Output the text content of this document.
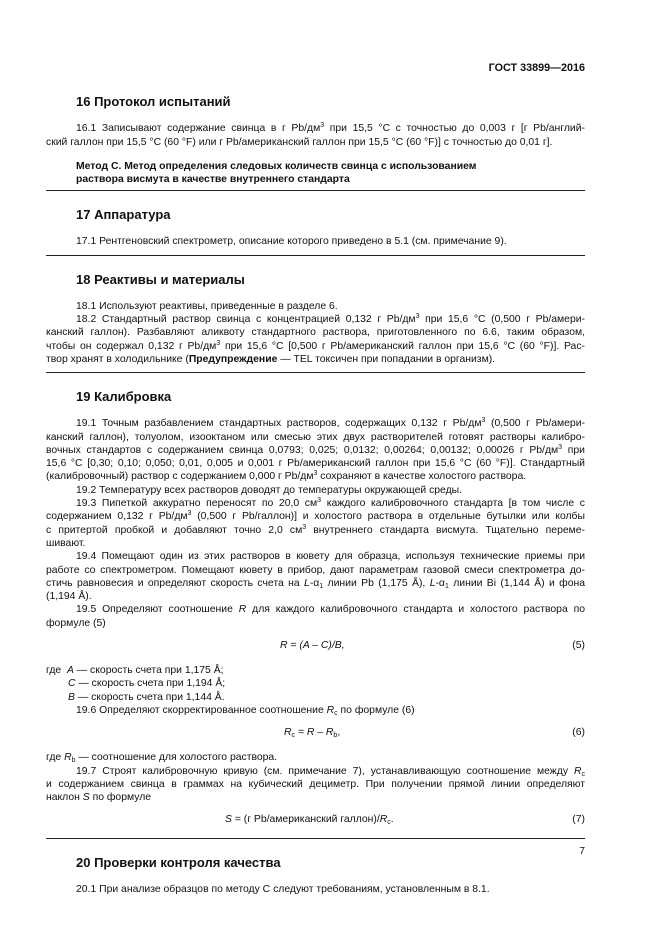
ГОСТ 33899—2016
16 Протокол испытаний
16.1 Записывают содержание свинца в г $Pb/дм^3$ при 15,5 °С с точностью до 0,003 г [г Pb/англий-
ский галлон при 15,5 °С (60 °F) или г Pb/американский галлон при 15,5 °С (60 °F)] с точностью до 0,01 г].
Метод С. Метод определения следовых количеств свинца с использованием
раствора висмута в качестве внутреннего стандарта
17 Аппаратура
17.1 Рентгеновский спектрометр, описание которого приведено в 5.1 (см. примечание 9).
18 Реактивы и материалы
18.1 Используют реактивы, приведенные в разделе 6.
18.2 Стандартный раствор свинца с концентрацией 0,132 г $Pb/дм^3$ при 15,6 °С (0,500 г Pb/амери-
канский галлон). Разбавляют аликвоту стандартного раствора, приготовленного по 6.6, таким образом,
чтобы он содержал 0,132 г $Pb/дм^3$ при 15,6 °С [0,500 г Pb/американский галлон при 15,6 °С (60 °F)]. Рас-
твор хранят в холодильнике (Предупреждение — TEL токсичен при попадании в организм).
19 Калибровка
19.1 Точным разбавлением стандартных растворов, содержащих 0,132 г $Pb/дм^3$ (0,500 г Pb/амери-
канский галлон), толуолом, изооктаном или смесью этих двух растворителей готовят растворы калибро-
вочных стандартов с содержанием свинца 0,0793; 0,025; 0,0132; 0,00264; 0,00132; 0,00026 г $Pb/дм^3$ при
15,6 °С [0,30; 0,10; 0,050; 0,01, 0,005 и 0,001 г Pb/американский галлон при 15,6 °С (60 °F)]. Стандартный
(калибровочный) раствор с содержанием 0,000 г $Pb/дм^3$ сохраняют в качестве холостого раствора.
19.2 Температуру всех растворов доводят до температуры окружающей среды.
19.3 Пипеткой аккуратно переносят по 20,0 $см^3$ каждого калибровочного стандарта [в том числе с
содержанием 0,132 г $Pb/дм^3$ (0,500 г Pb/галлон)] и холостого раствора в отдельные бутылки или колбы
с притертой пробкой и добавляют точно 2,0 $см^3$ внутреннего стандарта висмута. Тщательно переме-
шивают.
19.4 Помещают один из этих растворов в кювету для образца, используя технические приемы при
работе со спектрометром. Помещают кювету в прибор, дают параметрам газовой смеси спектрометра до-
стичь равновесия и определяют скорость счета на $L-\alpha_1$ линии Pb (1,175 Å), $L-\alpha_1$ линии Bi (1,144 Å) и фона
(1,194 Å).
19.5 Определяют соотношение R для каждого калибровочного стандарта и холостого раствора по
формуле (5)
R = (A – C)/B,	(5)
где A — скорость счета при 1,175 Å;
C — скорость счета при 1,194 Å;
B — скорость счета при 1,144 Å.
19.6 Определяют скорректированное соотношение $R_c$ по формуле (6)
$R_c = R - R_b$,	(6)
где $R_b$ — соотношение для холостого раствора.
19.7 Строят калибровочную кривую (см. примечание 7), устанавливающую соотношение между $R_c$
и содержанием свинца в граммах на кубический дециметр. При получении прямой линии определяют
наклон S по формуле
S = (г Pb/американский $галлон)/R_c$.	(7)
20 Проверки контроля качества
20.1 При анализе образцов по методу С следуют требованиям, установленным в 8.1.
7
